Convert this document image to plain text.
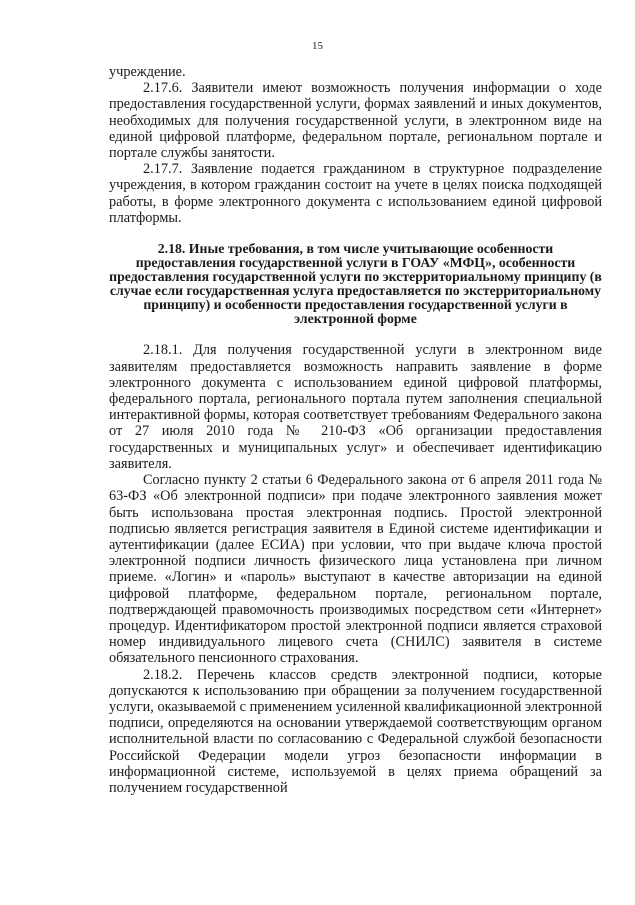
15

учреждение.

2.17.6. Заявители имеют возможность получения информации о ходе предоставления государственной услуги, формах заявлений и иных документов, необходимых для получения государственной услуги, в электронном виде на единой цифровой платформе, федеральном портале, региональном портале и портале службы занятости.

2.17.7. Заявление подается гражданином в структурное подразделение учреждения, в котором гражданин состоит на учете в целях поиска подходящей работы, в форме электронного документа с использованием единой цифровой платформы.

2.18. Иные требования, в том числе учитывающие особенности предоставления государственной услуги в ГОАУ «МФЦ», особенности предоставления государственной услуги по экстерриториальному принципу (в случае если государственная услуга предоставляется по экстерриториальному принципу) и особенности предоставления государственной услуги в электронной форме

2.18.1. Для получения государственной услуги в электронном виде заявителям предоставляется возможность направить заявление в форме электронного документа с использованием единой цифровой платформы, федерального портала, регионального портала путем заполнения специальной интерактивной формы, которая соответствует требованиям Федерального закона от 27 июля 2010 года № 210-ФЗ «Об организации предоставления государственных и муниципальных услуг» и обеспечивает идентификацию заявителя.

Согласно пункту 2 статьи 6 Федерального закона от 6 апреля 2011 года № 63-ФЗ «Об электронной подписи» при подаче электронного заявления может быть использована простая электронная подпись. Простой электронной подписью является регистрация заявителя в Единой системе идентификации и аутентификации (далее ЕСИА) при условии, что при выдаче ключа простой электронной подписи личность физического лица установлена при личном приеме. «Логин» и «пароль» выступают в качестве авторизации на единой цифровой платформе, федеральном портале, региональном портале, подтверждающей правомочность производимых посредством сети «Интернет» процедур. Идентификатором простой электронной подписи является страховой номер индивидуального лицевого счета (СНИЛС) заявителя в системе обязательного пенсионного страхования.

2.18.2. Перечень классов средств электронной подписи, которые допускаются к использованию при обращении за получением государственной услуги, оказываемой с применением усиленной квалификационной электронной подписи, определяются на основании утверждаемой соответствующим органом исполнительной власти по согласованию с Федеральной службой безопасности Российской Федерации модели угроз безопасности информации в информационной системе, используемой в целях приема обращений за получением государственной
